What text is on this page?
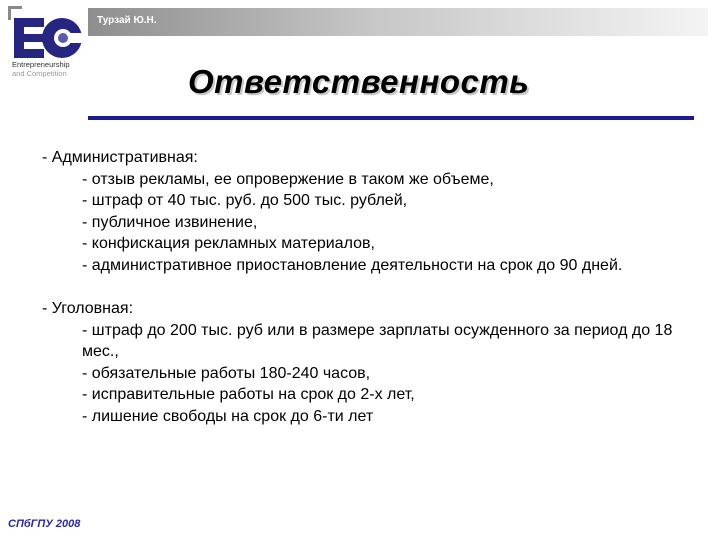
Турзай Ю.Н.
Entrepreneurship
and Competition	Ответственность

- Административная:

- отзыв рекламы, ее опровержение в таком же объеме,
- штраф от 40 тыс. руб. до 500 тыс. рублей,
- публичное извинение,
- конфискация рекламных материалов,
- административное приостановление деятельности на срок до 90 дней.

- Уголовная:

- штраф до 200 тыс. руб или в размере зарплаты осужденного за период до 18 мес.,
- обязательные работы 180-240 часов,
- исправительные работы на срок до 2-х лет,
- лишение свободы на срок до 6-ти лет
СПбГПУ 2008
